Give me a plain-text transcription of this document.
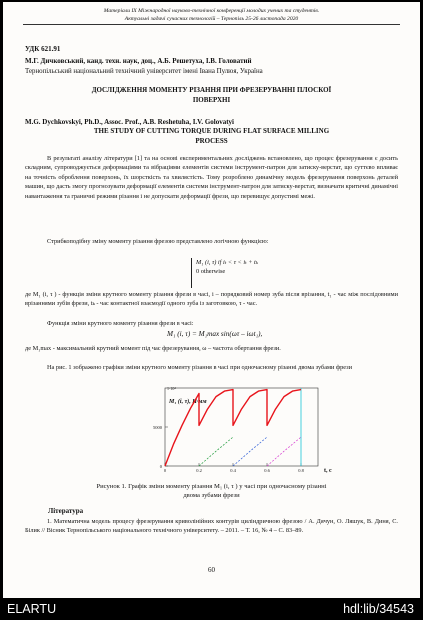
Матеріали IX Міжнародної науково-технічної конференції молодих учених та студентів.
Актуальні задачі сучасних технологій – Тернопіль 25-26 листопада 2020
УДК 621.91
М.Г. Дичковський, канд. техн. наук, доц., А.Б. Решетуха, І.В. Головатий
Тернопільський національний технічний університет імені Івана Пулюя, Україна
ДОСЛІДЖЕННЯ МОМЕНТУ РІЗАННЯ ПРИ ФРЕЗЕРУВАННІ ПЛОСКОЇ
ПОВЕРХНІ
M.G. Dychkovskyi, Ph.D., Assoc. Prof., A.B. Reshetuha, I.V. Golovatyi
THE STUDY OF CUTTING TORQUE DURING FLAT SURFACE MILLING
PROCESS
В результаті аналізу літератури [1] та на основі експериментальних досліджень встановлено, що процес фрезерування є досить складним, супроводжується деформаціями та вібраціями елементів системи інструмент-патрон для затиску-верстат, що суттєво впливає на точність оброблення поверхонь, їх шорсткість та хвилястість. Тому розроблено динамічну модель фрезерування поверхонь деталей машин, що дасть змогу прогнозувати деформації елементів системи інструмент-патрон для затиску-верстат, визначати критичні динамічні навантаження та граничні режими різання і не допускати деформації фрези, що перевищує допустимі межі.
Стрибкоподібну зміну моменту різання фрезою представлено логічною функцією:
M₁ (i, τ) if iₜ < τ < iₜ + tₖ
0 otherwise
де M₁ (i, τ ) - функція зміни крутного моменту різання фрези в часі, i – порядковий номер зуба після врізання, t₁ - час між послідовними врізаннями зубів фрези, tₖ - час контактної взаємодії одного зуба із заготовкою, τ - час.
Функція зміни крутного моменту різання фрези в часі:
M₁ (i, τ) = M₁max sin(ωτ – iωt₁),
де M₁max - максимальний крутний момент під час фрезерування, ω – частота обертання фрези.
На рис. 1 зображено графіки зміни крутного моменту різання в часі при одночасному різанні двома зубами фрези
1·10⁴
M₁ (i, τ), Н·мм
5000
0
0	0.2	0.4	0.6	0.8	t, c
Рисунок 1. Графік зміни моменту різання M₁ (i, τ ) у часі при одночасному різанні
двома зубами фрези
Література
1. Математична модель процесу фрезерування криволінійних контурів циліндричною фрезою / А. Дячун, О. Ляшук, В. Диня, С. Білик // Вісник Тернопільського національного технічного університету. – 2011. – Т. 16, № 4 – С. 83–89.
60
ELARTU	hdl:lib/34543
